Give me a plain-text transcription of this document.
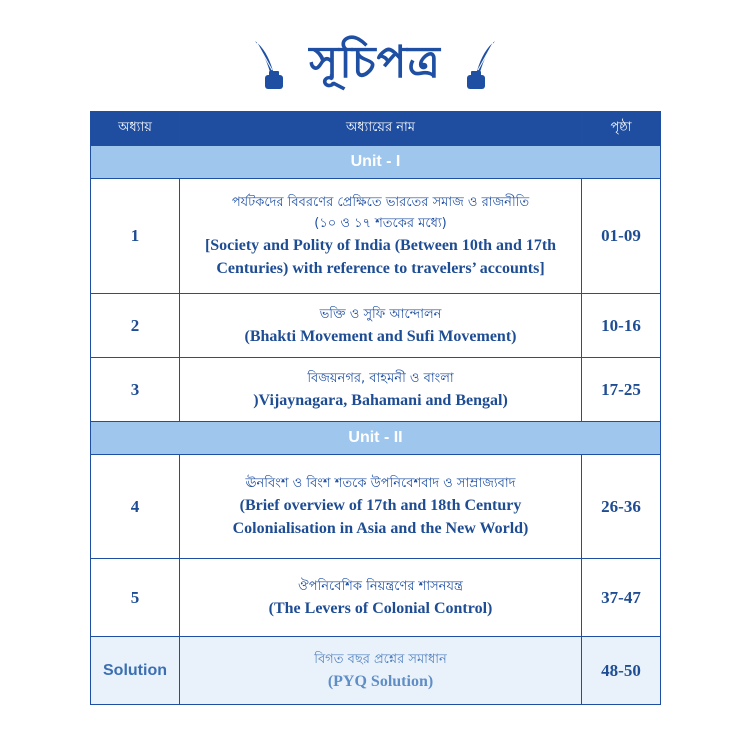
সূচিপত্র
অধ্যায়	অধ্যায়ের নাম	পৃষ্ঠা
Unit - I		
1	পর্যটকদের বিবরণের প্রেক্ষিতে ভারতের সমাজ ও রাজনীতি
(১০ ও ১৭ শতকের মধ্যে)
[Society and Polity of India (Between 10th and 17th
Centuries) with reference to travelers’ accounts]	01-09
2	ভক্তি ও সুফি আন্দোলন
(Bhakti Movement and Sufi Movement)	10-16
3	বিজয়নগর, বাহমনী ও বাংলা
)Vijaynagara, Bahamani and Bengal)	17-25
Unit - II		
4	ঊনবিংশ ও বিংশ শতকে উপনিবেশবাদ ও সাম্রাজ্যবাদ
(Brief overview of 17th and 18th Century
Colonialisation in Asia and the New World)	26-36
5	ঔপনিবেশিক নিয়ন্ত্রণের শাসনযন্ত্র
(The Levers of Colonial Control)	37-47
Solution	বিগত বছর প্রশ্নের সমাধান
(PYQ Solution)	48-50
